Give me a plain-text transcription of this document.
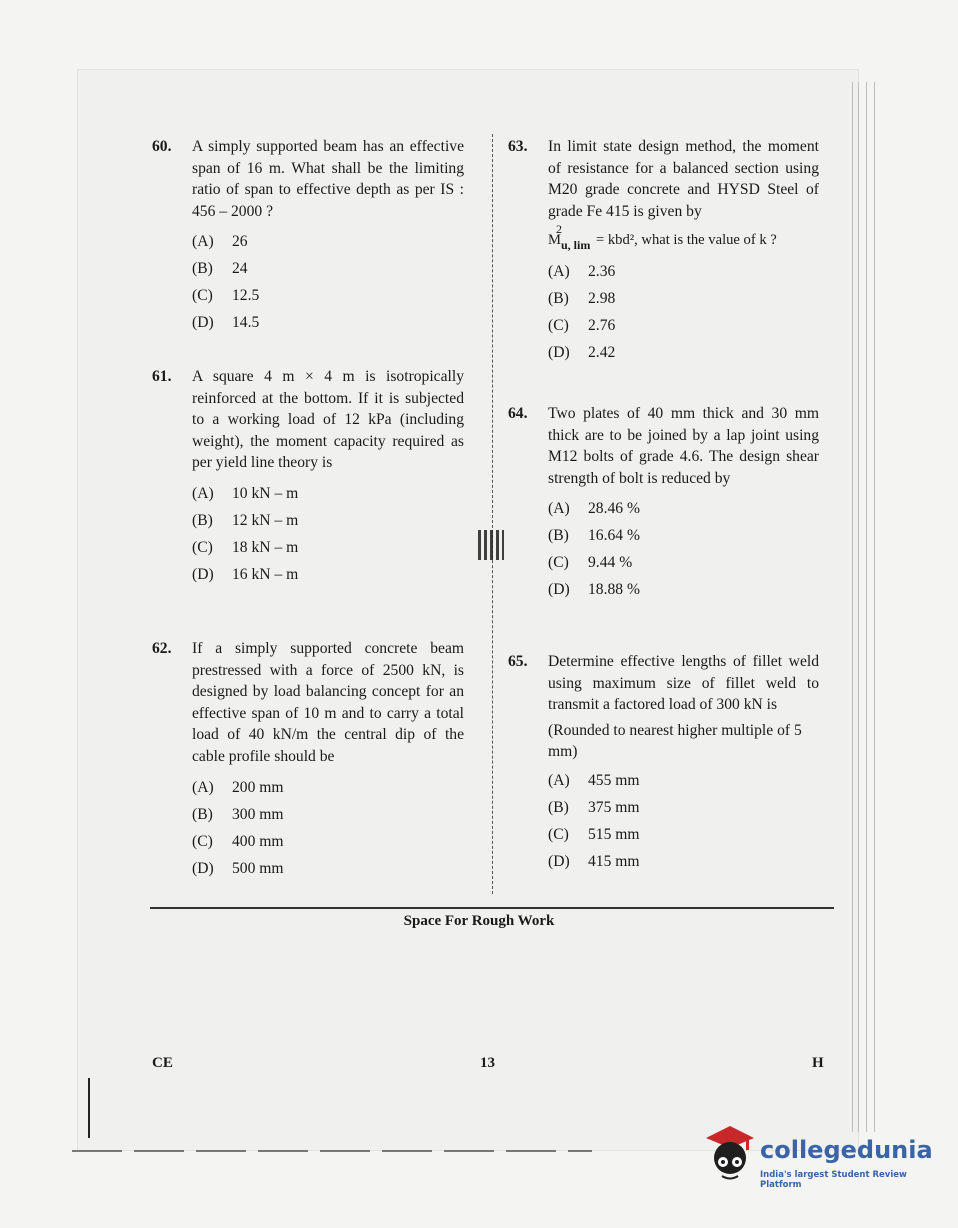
60. A simply supported beam has an effective span of 16 m. What shall be the limiting ratio of span to effective depth as per IS : 456 – 2000 ?
(A) 26
(B) 24
(C) 12.5
(D) 14.5
61. A square 4 m × 4 m is isotropically reinforced at the bottom. If it is subjected to a working load of 12 kPa (including weight), the moment capacity required as per yield line theory is
(A) 10 kN – m
(B) 12 kN – m
(C) 18 kN – m
(D) 16 kN – m
62. If a simply supported concrete beam prestressed with a force of 2500 kN, is designed by load balancing concept for an effective span of 10 m and to carry a total load of 40 kN/m the central dip of the cable profile should be
(A) 200 mm
(B) 300 mm
(C) 400 mm
(D) 500 mm
63. In limit state design method, the moment of resistance for a balanced section using M20 grade concrete and HYSD Steel of grade Fe 415 is given by
M
2
$_{u, lim}$ = kbd², what is the value of k ?
(A) 2.36
(B) 2.98
(C) 2.76
(D) 2.42
64. Two plates of 40 mm thick and 30 mm thick are to be joined by a lap joint using M12 bolts of grade 4.6. The design shear strength of bolt is reduced by
(A) 28.46 %
(B) 16.64 %
(C) 9.44 %
(D) 18.88 %
65. Determine effective lengths of fillet weld using maximum size of fillet weld to transmit a factored load of 300 kN is
(Rounded to nearest higher multiple of 5 mm)
(A) 455 mm
(B) 375 mm
(C) 515 mm
(D) 415 mm
Space For Rough Work
CE	13	H
collegedunia
India's largest Student Review Platform
